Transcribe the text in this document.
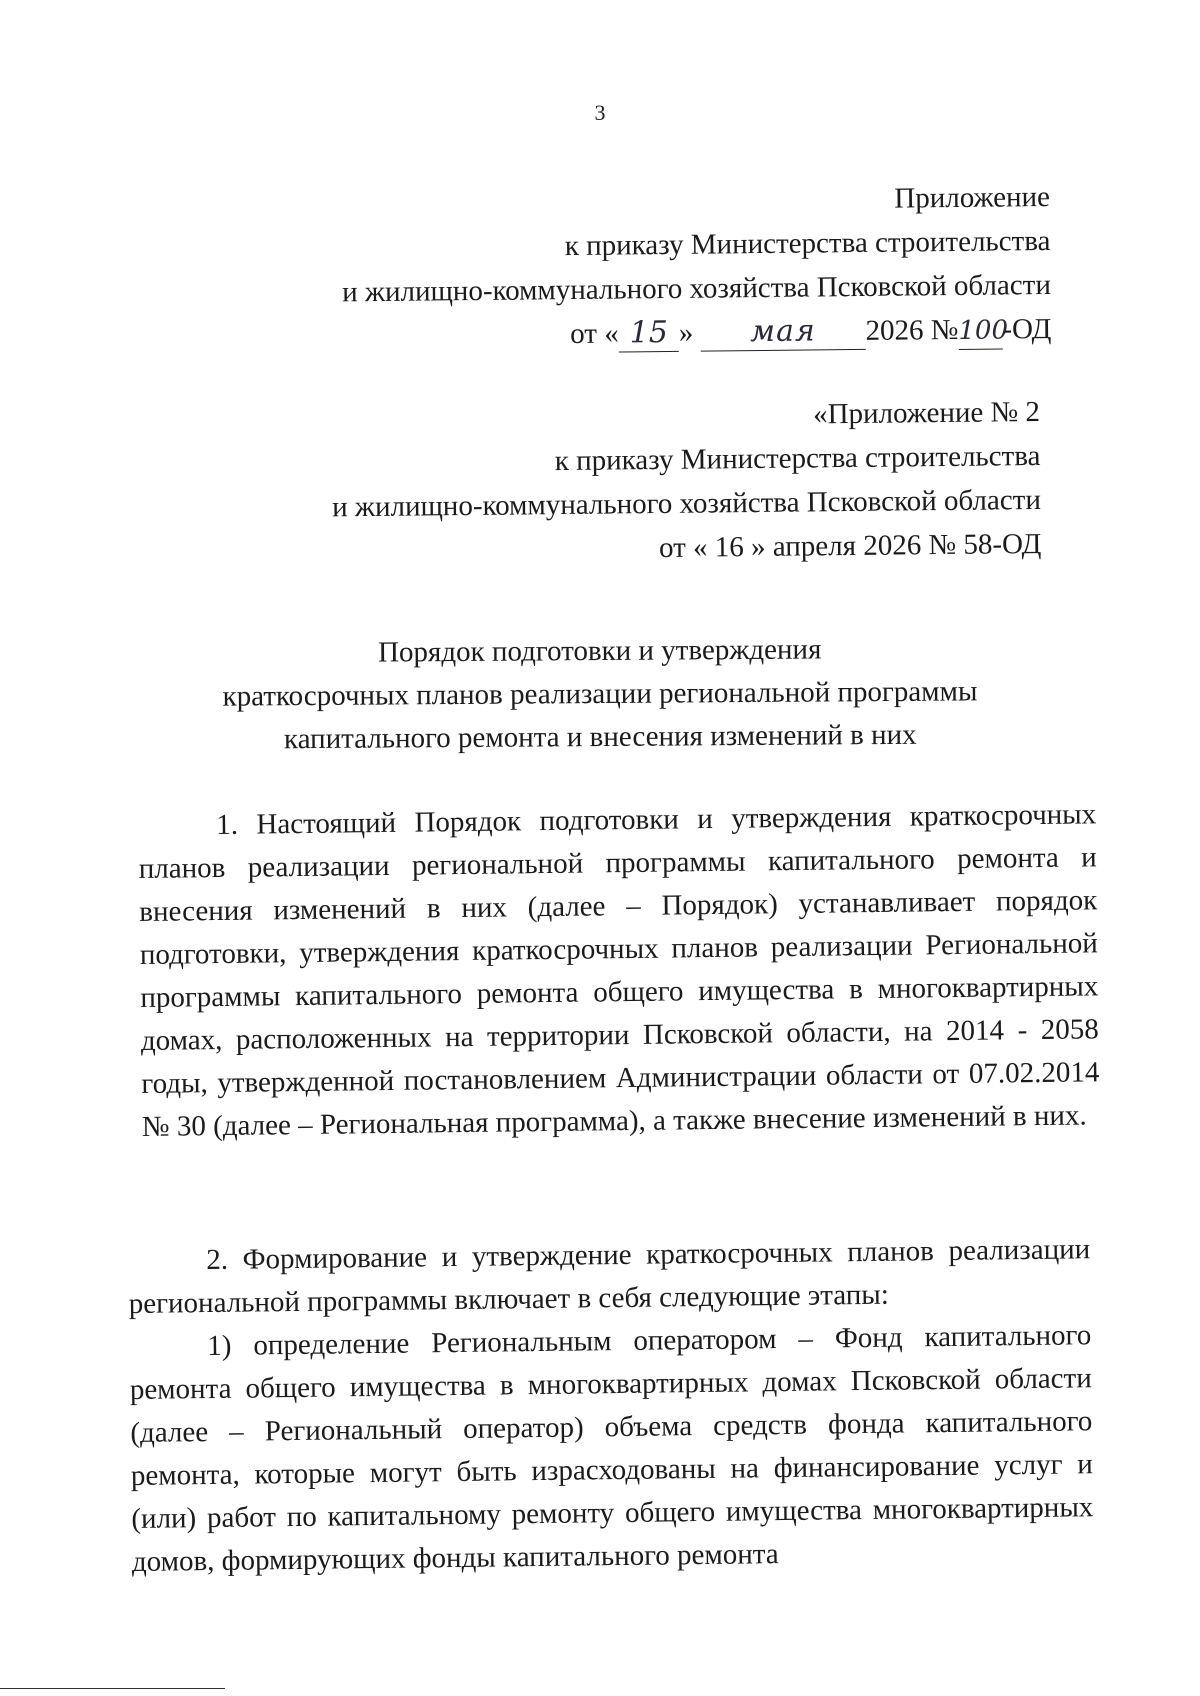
3
Приложение
к приказу Министерства строительства
и жилищно-коммунального хозяйства Псковской области
от « 15 » мая 2026 №100-ОД
«Приложение № 2
к приказу Министерства строительства
и жилищно-коммунального хозяйства Псковской области
от « 16 » апреля 2026 № 58-ОД
Порядок подготовки и утверждения
краткосрочных планов реализации региональной программы
капитального ремонта и внесения изменений в них

1. Настоящий Порядок подготовки и утверждения краткосрочных планов реализации региональной программы капитального ремонта и внесения изменений в них (далее – Порядок) устанавливает порядок подготовки, утверждения краткосрочных планов реализации Региональной программы капитального ремонта общего имущества в многоквартирных домах, расположенных на территории Псковской области, на 2014 - 2058 годы, утвержденной постановлением Администрации области от 07.02.2014 № 30 (далее – Региональная программа), а также внесение изменений в них.

2. Формирование и утверждение краткосрочных планов реализации региональной программы включает в себя следующие этапы:

1) определение Региональным оператором – Фонд капитального ремонта общего имущества в многоквартирных домах Псковской области (далее – Региональный оператор) объема средств фонда капитального ремонта, которые могут быть израсходованы на финансирование услуг и (или) работ по капитальному ремонту общего имущества многоквартирных домов, формирующих фонды капитального ремонта
